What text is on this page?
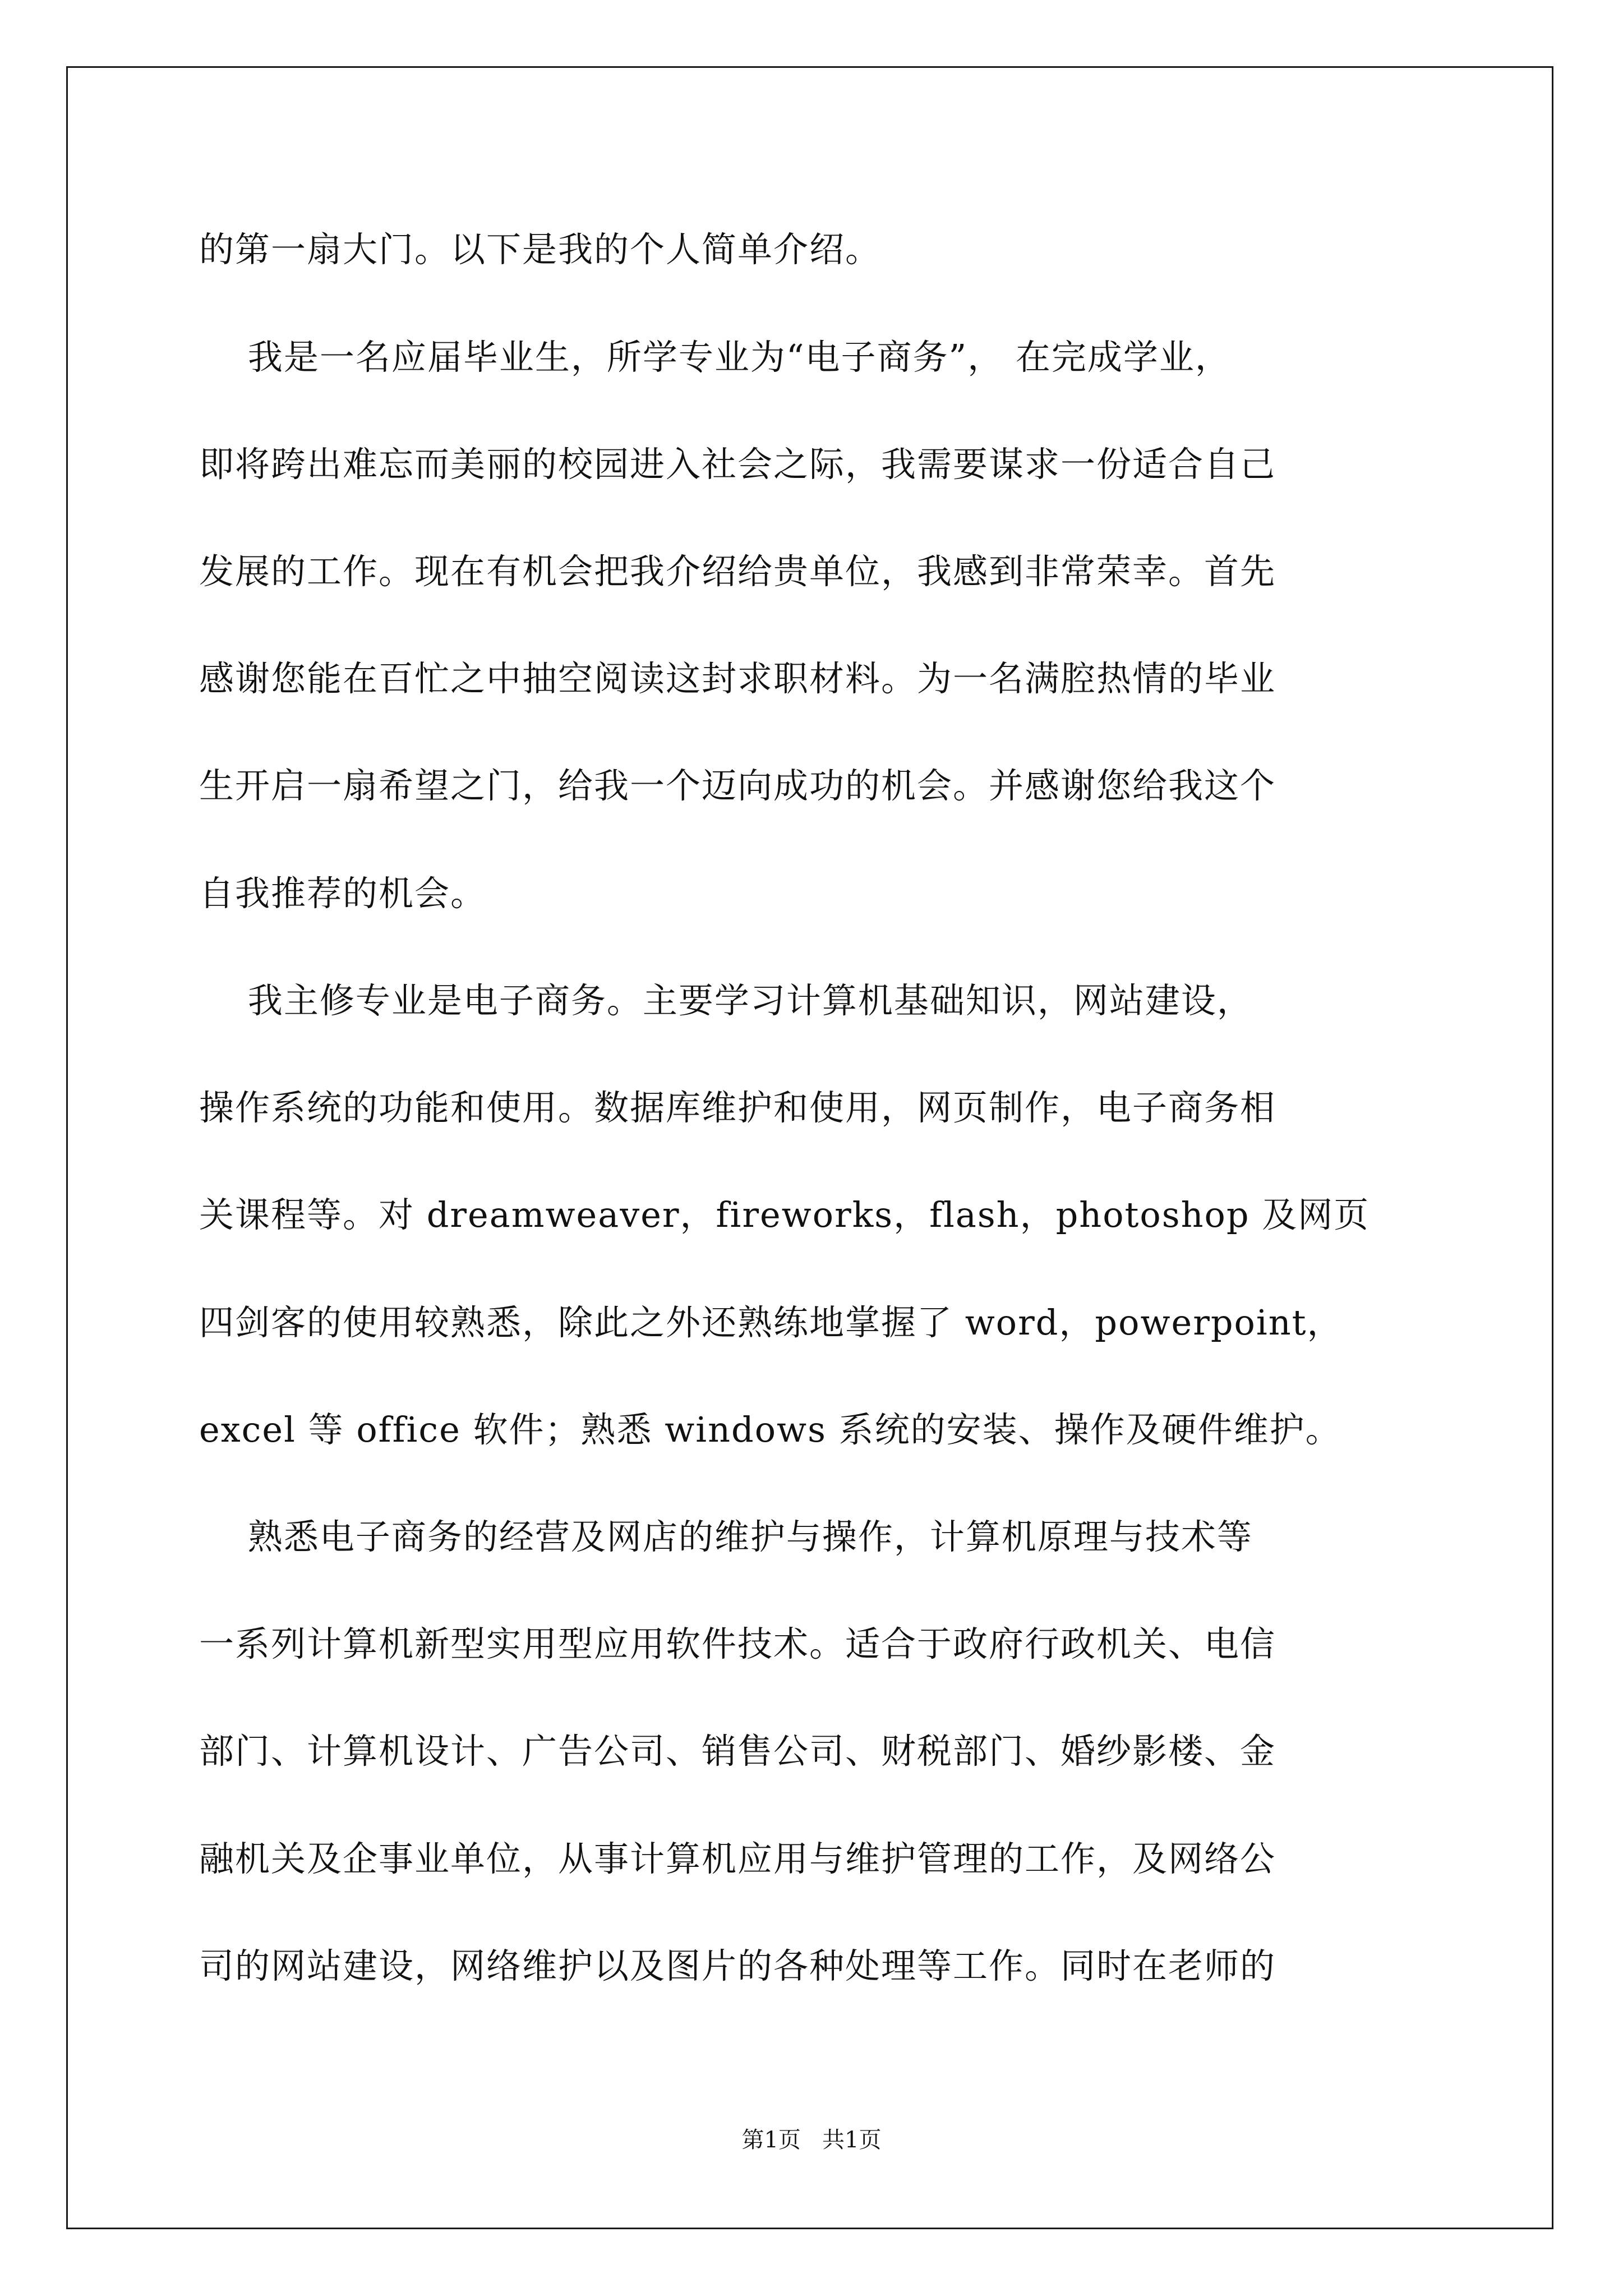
的第一扇大门。以下是我的个人简单介绍。
我是一名应届毕业生，所学专业为“电子商务”， 在完成学业，
即将跨出难忘而美丽的校园进入社会之际，我需要谋求一份适合自己
发展的工作。现在有机会把我介绍给贵单位，我感到非常荣幸。首先
感谢您能在百忙之中抽空阅读这封求职材料。为一名满腔热情的毕业
生开启一扇希望之门，给我一个迈向成功的机会。并感谢您给我这个
自我推荐的机会。
我主修专业是电子商务。主要学习计算机基础知识，网站建设，
操作系统的功能和使用。数据库维护和使用，网页制作，电子商务相
关课程等。对 dreamweaver，fireworks，flash，photoshop 及网页
四剑客的使用较熟悉，除此之外还熟练地掌握了 word，powerpoint，
excel 等 office 软件；熟悉 windows 系统的安装、操作及硬件维护。
熟悉电子商务的经营及网店的维护与操作，计算机原理与技术等
一系列计算机新型实用型应用软件技术。适合于政府行政机关、电信
部门、计算机设计、广告公司、销售公司、财税部门、婚纱影楼、金
融机关及企事业单位，从事计算机应用与维护管理的工作，及网络公
司的网站建设，网络维护以及图片的各种处理等工作。同时在老师的
第1页   共1页
